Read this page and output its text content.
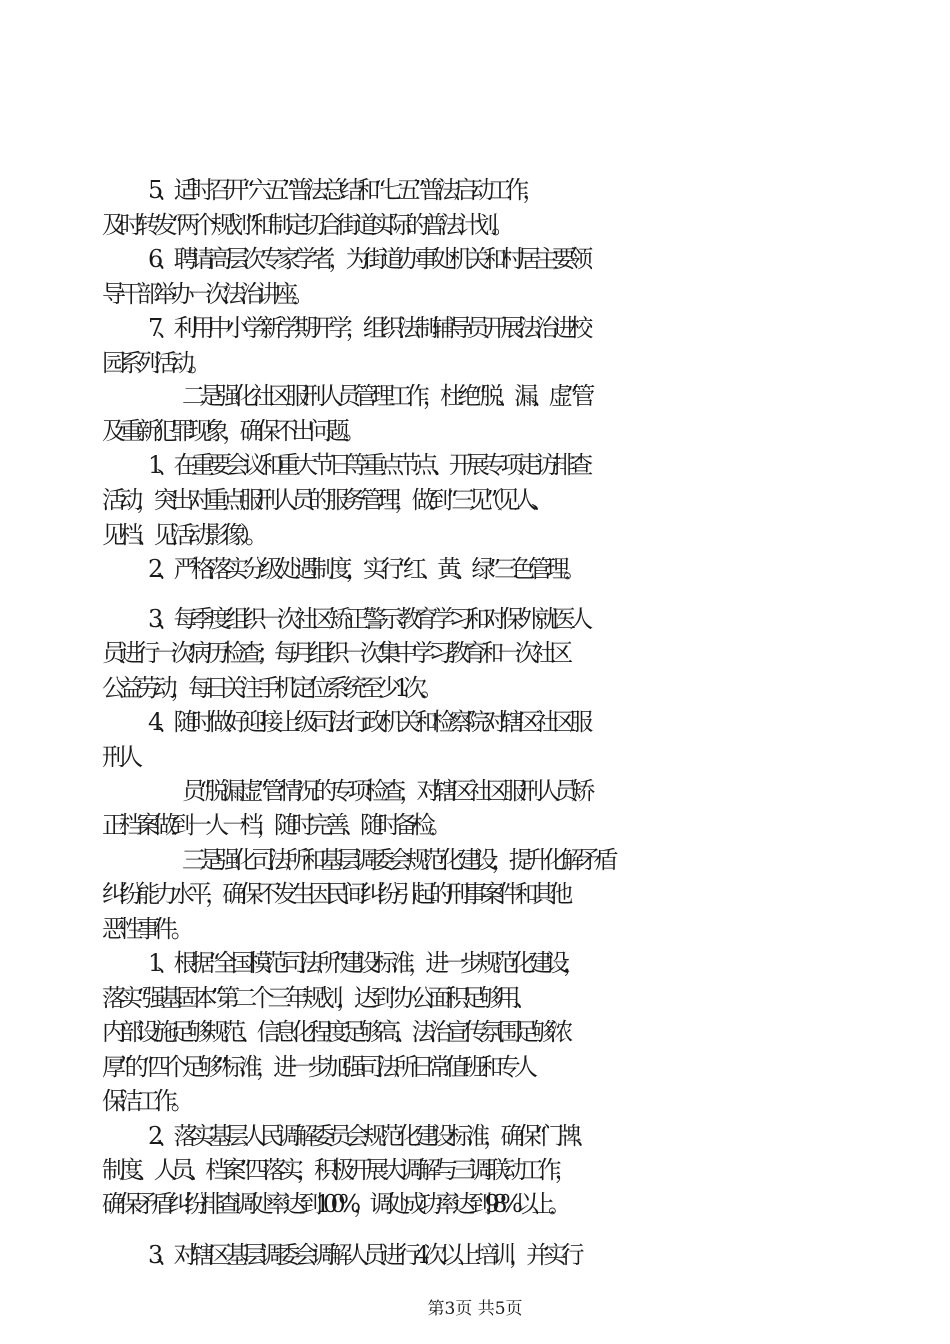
5、适时召开“六五”普法总结和“七五”普法启动工作，
及时转发“两个规划”和制定切合街道实际的普法计划。
6、聘请高层次专家学者，为街道办事处机关和村居主要领
导干部举办一次法治讲座。
7、利用中小学新学期开学，组织法制辅导员开展法治进校
园系列活动。
二是强化社区服刑人员管理工作，杜绝“脱、漏、虚”管
及重新犯罪现象，确保不出问题。
1、在重要会议和重大节日等重点节点、开展专项走访排查
活动，突出对重点服刑人员的服务管理，做到“三见”（见人、
见档、见活动影像）。
2、严格落实分级处遇制度，实行“红、黄、绿”三色管理。
3、每季度组织一次社区矫正警示教育学习和对保外就医人
员进行一次病历检查；每月组织一次集中学习教育和一次社区
公益劳动，每日关注手机定位系统至少1次。
4、随时做好迎接上级司法行政机关和检察院对辖区社区服
刑人
员“脱漏虚”管情况的专项检查，对辖区社区服刑人员矫
正档案做到一人一档，随时完善、随时备检。
三是强化司法所和基层调委会规范化建设，提升化解矛盾
纠纷能力水平，确保不发生因民间纠纷引起的刑事案件和其他
恶性事件。
1、根据“全国模范司法所”建设标准，进一步规范化建设，
落实“强基固本”第二个三年规划，达到“办公面积足够用、
内部设施足够规范、信息化程度足够高、法治宣传氛围足够浓
厚”的“四个足够”标准，进一步加强司法所日常值班和专人
保洁工作。
2、落实基层人民调解委员会规范化建设标准，确保“门牌、
制度、人员、档案”四落实，积极开展大调解与三调联动工作，
确保矛盾纠纷排查调处率达到100%，调处成功率达到98%以上。
3、对辖区基层调委会调解人员进行4次以上培训，并实行
第3页 共5页
